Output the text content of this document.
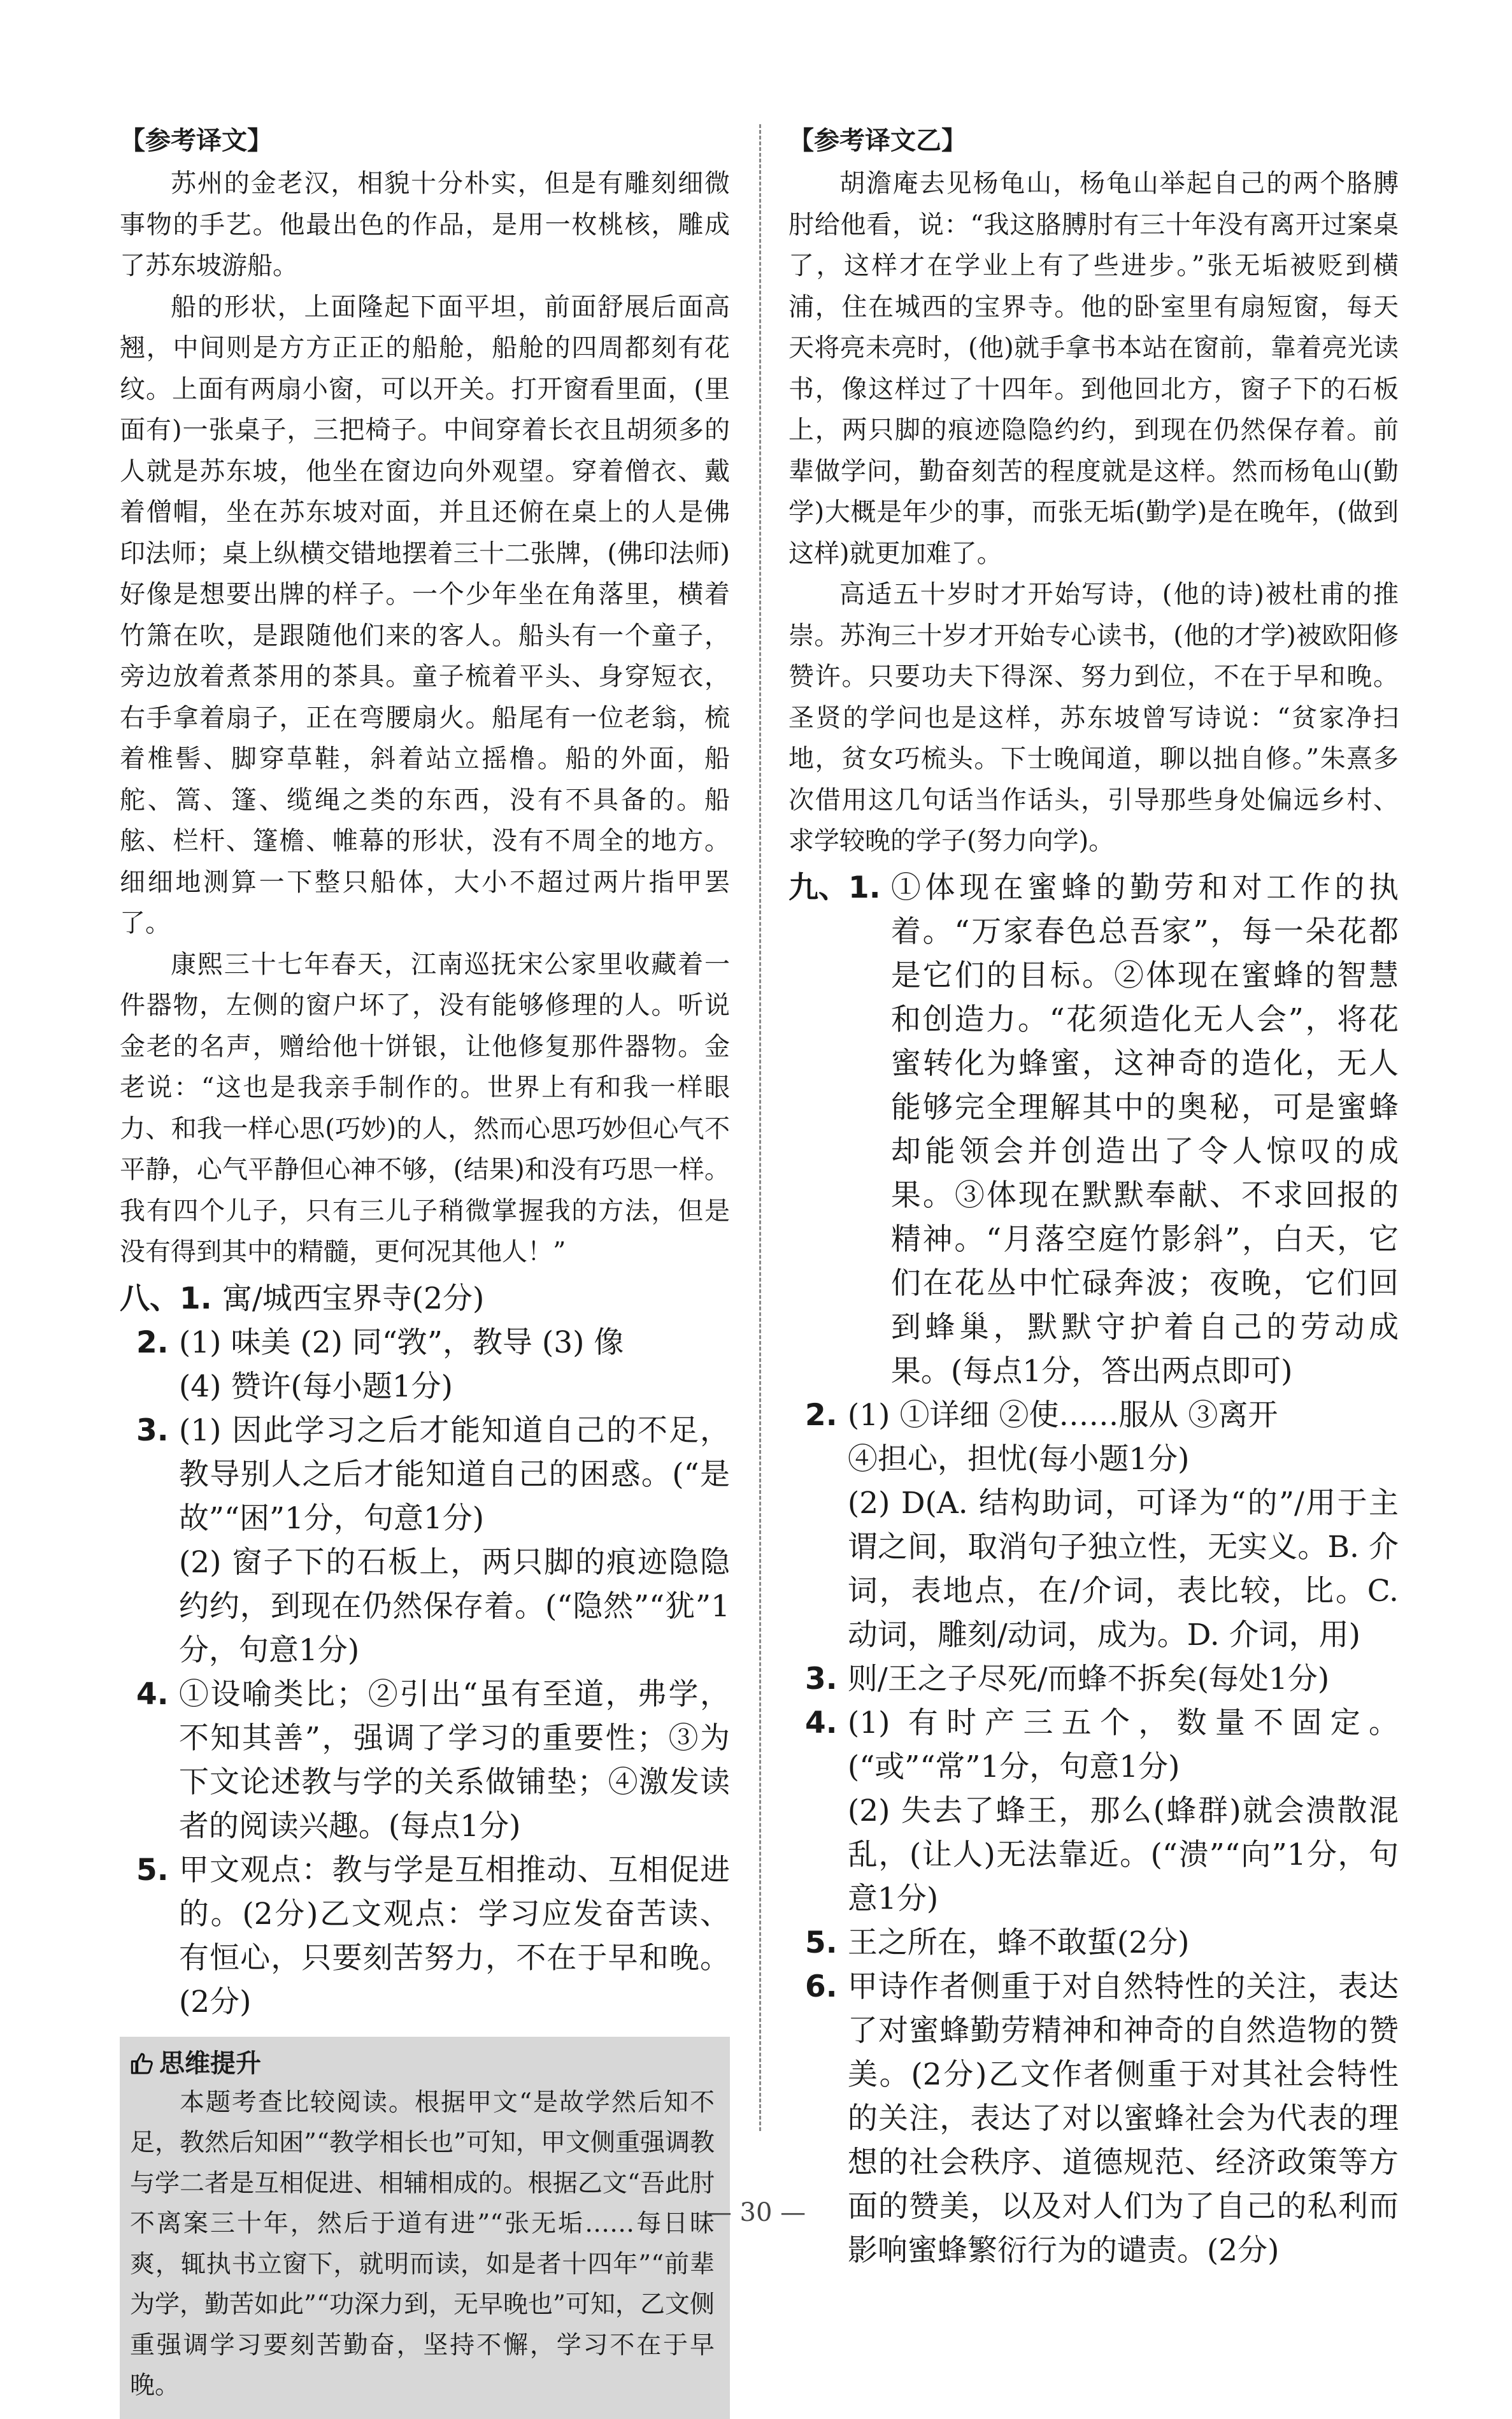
【参考译文】

苏州的金老汉，相貌十分朴实，但是有雕刻细微事物的手艺。他最出色的作品，是用一枚桃核，雕成了苏东坡游船。

船的形状，上面隆起下面平坦，前面舒展后面高翘，中间则是方方正正的船舱，船舱的四周都刻有花纹。上面有两扇小窗，可以开关。打开窗看里面，(里面有)一张桌子，三把椅子。中间穿着长衣且胡须多的人就是苏东坡，他坐在窗边向外观望。穿着僧衣、戴着僧帽，坐在苏东坡对面，并且还俯在桌上的人是佛印法师；桌上纵横交错地摆着三十二张牌，(佛印法师)好像是想要出牌的样子。一个少年坐在角落里，横着竹箫在吹，是跟随他们来的客人。船头有一个童子，旁边放着煮茶用的茶具。童子梳着平头、身穿短衣，右手拿着扇子，正在弯腰扇火。船尾有一位老翁，梳着椎髻、脚穿草鞋，斜着站立摇橹。船的外面，船舵、篙、篷、缆绳之类的东西，没有不具备的。船舷、栏杆、篷檐、帷幕的形状，没有不周全的地方。细细地测算一下整只船体，大小不超过两片指甲罢了。

康熙三十七年春天，江南巡抚宋公家里收藏着一件器物，左侧的窗户坏了，没有能够修理的人。听说金老的名声，赠给他十饼银，让他修复那件器物。金老说：“这也是我亲手制作的。世界上有和我一样眼力、和我一样心思(巧妙)的人，然而心思巧妙但心气不平静，心气平静但心神不够，(结果)和没有巧思一样。我有四个儿子，只有三儿子稍微掌握我的方法，但是没有得到其中的精髓，更何况其他人！”

八、1. 寓/城西宝界寺(2分)
2. (1) 味美 (2) 同“敩”，教导 (3) 像
(4) 赞许(每小题1分)
3. (1) 因此学习之后才能知道自己的不足，教导别人之后才能知道自己的困惑。(“是故”“困”1分，句意1分)
(2) 窗子下的石板上，两只脚的痕迹隐隐约约，到现在仍然保存着。(“隐然”“犹”1分，句意1分)
4. ①设喻类比；②引出“虽有至道，弗学，不知其善”，强调了学习的重要性；③为下文论述教与学的关系做铺垫；④激发读者的阅读兴趣。(每点1分)
5. 甲文观点：教与学是互相推动、互相促进的。(2分)乙文观点：学习应发奋苦读、有恒心，只要刻苦努力，不在于早和晚。(2分)
思维提升

本题考查比较阅读。根据甲文“是故学然后知不足，教然后知困”“教学相长也”可知，甲文侧重强调教与学二者是互相促进、相辅相成的。根据乙文“吾此肘不离案三十年，然后于道有进”“张无垢……每日昧爽，辄执书立窗下，就明而读，如是者十四年”“前辈为学，勤苦如此”“功深力到，无早晚也”可知，乙文侧重强调学习要刻苦勤奋，坚持不懈，学习不在于早晚。

【参考译文乙】

胡澹庵去见杨龟山，杨龟山举起自己的两个胳膊肘给他看，说：“我这胳膊肘有三十年没有离开过案桌了，这样才在学业上有了些进步。”张无垢被贬到横浦，住在城西的宝界寺。他的卧室里有扇短窗，每天天将亮未亮时，(他)就手拿书本站在窗前，靠着亮光读书，像这样过了十四年。到他回北方，窗子下的石板上，两只脚的痕迹隐隐约约，到现在仍然保存着。前辈做学问，勤奋刻苦的程度就是这样。然而杨龟山(勤学)大概是年少的事，而张无垢(勤学)是在晚年，(做到这样)就更加难了。

高适五十岁时才开始写诗，(他的诗)被杜甫的推崇。苏洵三十岁才开始专心读书，(他的才学)被欧阳修赞许。只要功夫下得深、努力到位，不在于早和晚。圣贤的学问也是这样，苏东坡曾写诗说：“贫家净扫地，贫女巧梳头。下士晚闻道，聊以拙自修。”朱熹多次借用这几句话当作话头，引导那些身处偏远乡村、求学较晚的学子(努力向学)。

九、1. ①体现在蜜蜂的勤劳和对工作的执着。“万家春色总吾家”，每一朵花都是它们的目标。②体现在蜜蜂的智慧和创造力。“花须造化无人会”，将花蜜转化为蜂蜜，这神奇的造化，无人能够完全理解其中的奥秘，可是蜜蜂却能领会并创造出了令人惊叹的成果。③体现在默默奉献、不求回报的精神。“月落空庭竹影斜”，白天，它们在花丛中忙碌奔波；夜晚，它们回到蜂巢，默默守护着自己的劳动成果。(每点1分，答出两点即可)
2. (1) ①详细 ②使……服从 ③离开
④担心，担忧(每小题1分)
(2) D(A. 结构助词，可译为“的”/用于主谓之间，取消句子独立性，无实义。B. 介词，表地点，在/介词，表比较，比。C. 动词，雕刻/动词，成为。D. 介词，用)
3. 则/王之子尽死/而蜂不拆矣(每处1分)
4. (1) 有时产三五个，数量不固定。(“或”“常”1分，句意1分)
(2) 失去了蜂王，那么(蜂群)就会溃散混乱，(让人)无法靠近。(“溃”“向”1分，句意1分)
5. 王之所在，蜂不敢蜇(2分)
6. 甲诗作者侧重于对自然特性的关注，表达了对蜜蜂勤劳精神和神奇的自然造物的赞美。(2分)乙文作者侧重于对其社会特性的关注，表达了对以蜜蜂社会为代表的理想的社会秩序、道德规范、经济政策等方面的赞美，以及对人们为了自己的私利而影响蜜蜂繁衍行为的谴责。(2分)
— 30 —
